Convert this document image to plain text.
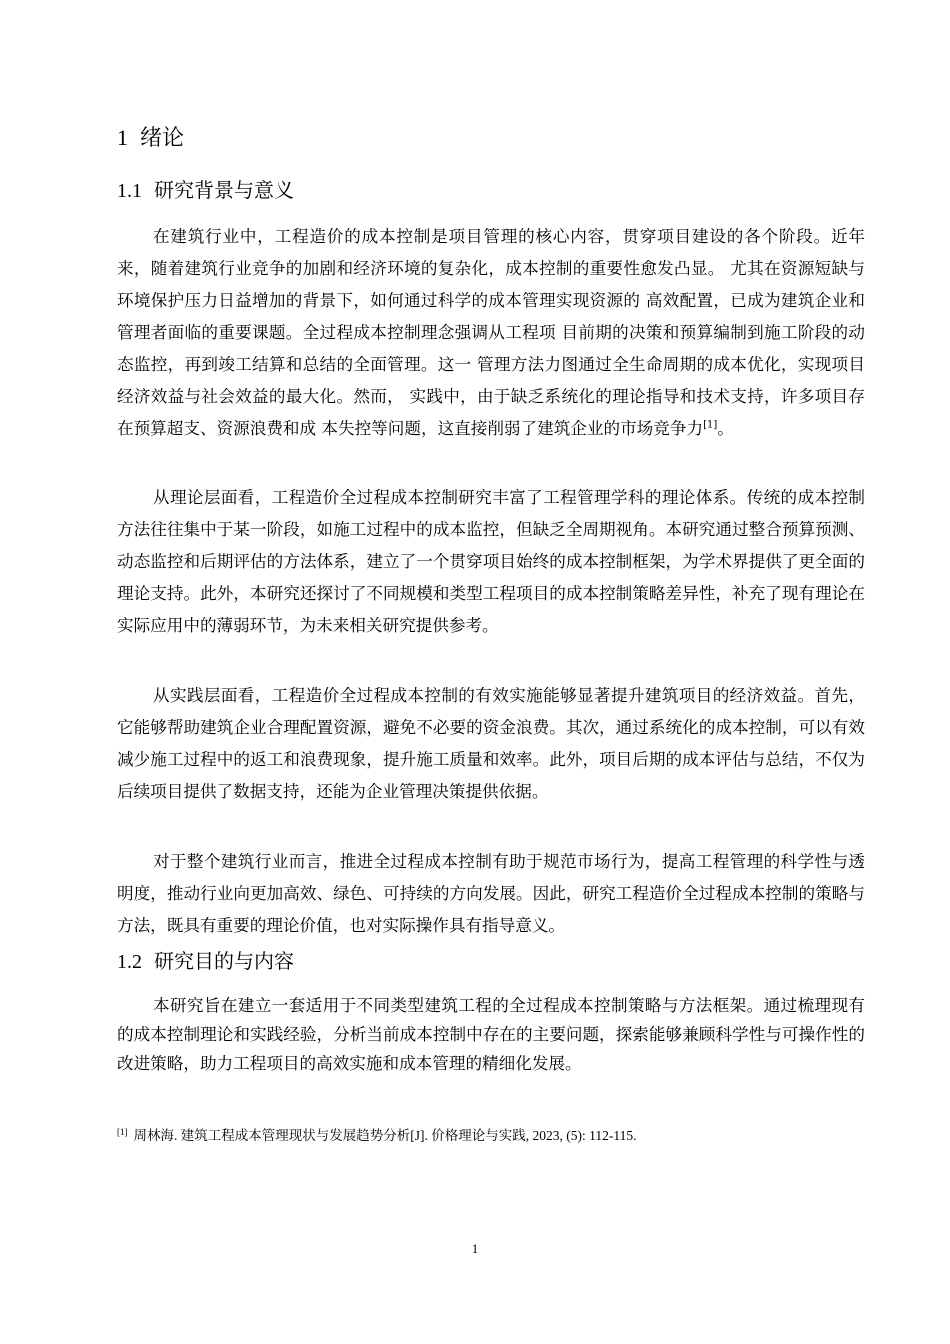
1 绪论
1.1 研究背景与意义

在建筑行业中，工程造价的成本控制是项目管理的核心内容，贯穿项目建设的各个阶段。近年来，随着建筑行业竞争的加剧和经济环境的复杂化，成本控制的重要性愈发凸显。 尤其在资源短缺与环境保护压力日益增加的背景下，如何通过科学的成本管理实现资源的 高效配置，已成为建筑企业和管理者面临的重要课题。全过程成本控制理念强调从工程项 目前期的决策和预算编制到施工阶段的动态监控，再到竣工结算和总结的全面管理。这一 管理方法力图通过全生命周期的成本优化，实现项目经济效益与社会效益的最大化。然而， 实践中，由于缺乏系统化的理论指导和技术支持，许多项目存在预算超支、资源浪费和成 本失控等问题，这直接削弱了建筑企业的市场竞争力[1]。

从理论层面看，工程造价全过程成本控制研究丰富了工程管理学科的理论体系。传统的成本控制方法往往集中于某一阶段，如施工过程中的成本监控，但缺乏全周期视角。本研究通过整合预算预测、动态监控和后期评估的方法体系，建立了一个贯穿项目始终的成本控制框架，为学术界提供了更全面的理论支持。此外，本研究还探讨了不同规模和类型工程项目的成本控制策略差异性，补充了现有理论在实际应用中的薄弱环节，为未来相关研究提供参考。

从实践层面看，工程造价全过程成本控制的有效实施能够显著提升建筑项目的经济效益。首先，它能够帮助建筑企业合理配置资源，避免不必要的资金浪费。其次，通过系统化的成本控制，可以有效减少施工过程中的返工和浪费现象，提升施工质量和效率。此外，项目后期的成本评估与总结，不仅为后续项目提供了数据支持，还能为企业管理决策提供依据。

对于整个建筑行业而言，推进全过程成本控制有助于规范市场行为，提高工程管理的科学性与透明度，推动行业向更加高效、绿色、可持续的方向发展。因此，研究工程造价全过程成本控制的策略与方法，既具有重要的理论价值，也对实际操作具有指导意义。

1.2 研究目的与内容

本研究旨在建立一套适用于不同类型建筑工程的全过程成本控制策略与方法框架。通过梳理现有的成本控制理论和实践经验，分析当前成本控制中存在的主要问题，探索能够兼顾科学性与可操作性的改进策略，助力工程项目的高效实施和成本管理的精细化发展。

[1] 周林海. 建筑工程成本管理现状与发展趋势分析[J]. 价格理论与实践, 2023, (5): 112-115.
1
